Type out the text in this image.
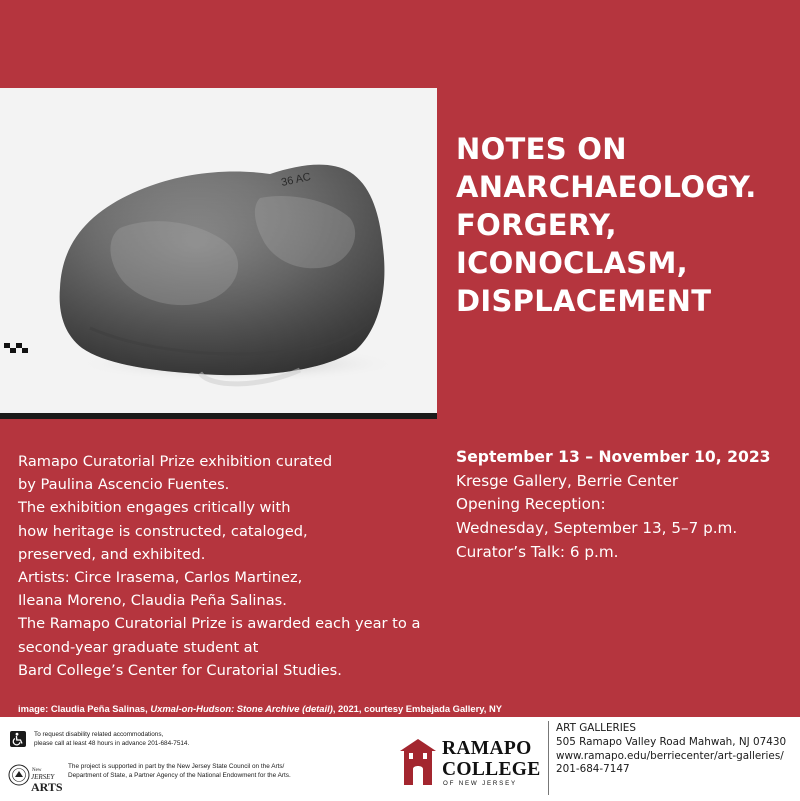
36 AC
NOTES ON
ANARCHAEOLOGY.
FORGERY,
ICONOCLASM,
DISPLACEMENT
Ramapo Curatorial Prize exhibition curated
by Paulina Ascencio Fuentes.
The exhibition engages critically with
how heritage is constructed, cataloged,
preserved, and exhibited.
Artists: Circe Irasema, Carlos Martinez,
Ileana Moreno, Claudia Peña Salinas.
The Ramapo Curatorial Prize is awarded each year to a
second-year graduate student at
Bard College’s Center for Curatorial Studies.
September 13 – November 10, 2023
Kresge Gallery, Berrie Center
Opening Reception:
Wednesday, September 13, 5–7 p.m.
Curator’s Talk: 6 p.m.
image: Claudia Peña Salinas, Uxmal-on-Hudson: Stone Archive (detail), 2021, courtesy Embajada Gallery, NY
To request disability related accommodations,
please call at least 48 hours in advance 201-684-7514.
New
JERSEY
ARTS
The project is supported in part by the New Jersey State Council on the Arts/
Department of State, a Partner Agency of the National Endowment for the Arts.
RAMAPO
COLLEGE
OF NEW JERSEY
ART GALLERIES
505 Ramapo Valley Road Mahwah, NJ 07430
www.ramapo.edu/berriecenter/art-galleries/
201-684-7147
